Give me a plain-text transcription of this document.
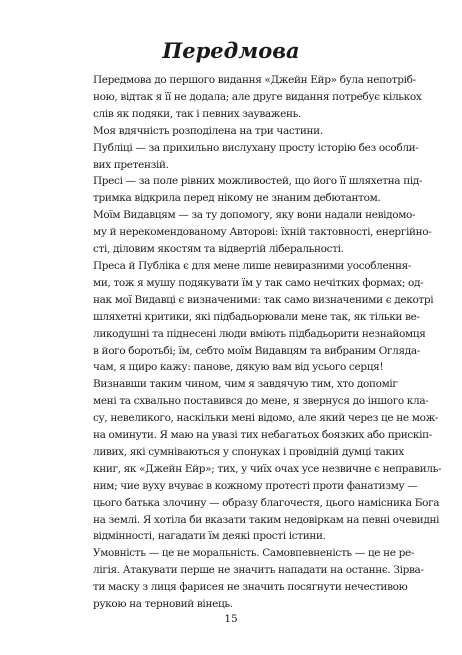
Передмова
Передмова до першого видання «Джейн Ейр» була непотріб-
ною, відтак я її не додала; але друге видання потребує кількох
слів як подяки, так і певних зауважень.
Моя вдячність розподілена на три частини.
Публіці — за прихильно вислухану просту історію без особли-
вих претензій.
Пресі — за поле рівних можливостей, що його її шляхетна під-
тримка відкрила перед нікому не знаним дебютантом.
Моїм Видавцям — за ту допомогу, яку вони надали невідомо-
му й нерекомендованому Авторові: їхній тактовності, енергійно-
сті, діловим якостям та відвертій ліберальності.
Преса й Публіка є для мене лише невиразними уособлення-
ми, тож я мушу подякувати їм у так само нечітких формах; од-
нак мої Видавці є визначеними: так само визначеними є декотрі
шляхетні критики, які підбадьорювали мене так, як тільки ве-
ликодушні та піднесені люди вміють підбадьорити незнайомця
в його боротьбі; їм, себто моїм Видавцям та вибраним Огляда-
чам, я щиро кажу: панове, дякую вам від усього серця!
Визнавши таким чином, чим я завдячую тим, хто допоміг
мені та схвально поставився до мене, я звернуся до іншого кла-
су, невеликого, наскільки мені відомо, але який через це не мож-
на оминути. Я маю на увазі тих небагатьох боязких або прискіп-
ливих, які сумніваються у спонуках і провідній думці таких
книг, як «Джейн Ейр»; тих, у чиїх очах усе незвичне є неправиль-
ним; чие вуху вчуває в кожному протесті проти фанатизму —
цього батька злочину — образу благочестя, цього намісника Бога
на землі. Я хотіла би вказати таким недовіркам на певні очевидні
відмінності, нагадати їм деякі прості істини.
Умовність — це не моральність. Самовпевненість — це не ре-
лігія. Атакувати перше не значить нападати на останнє. Зірва-
ти маску з лиця фарисея не значить посягнути нечестивою
рукою на терновий вінець.
15
